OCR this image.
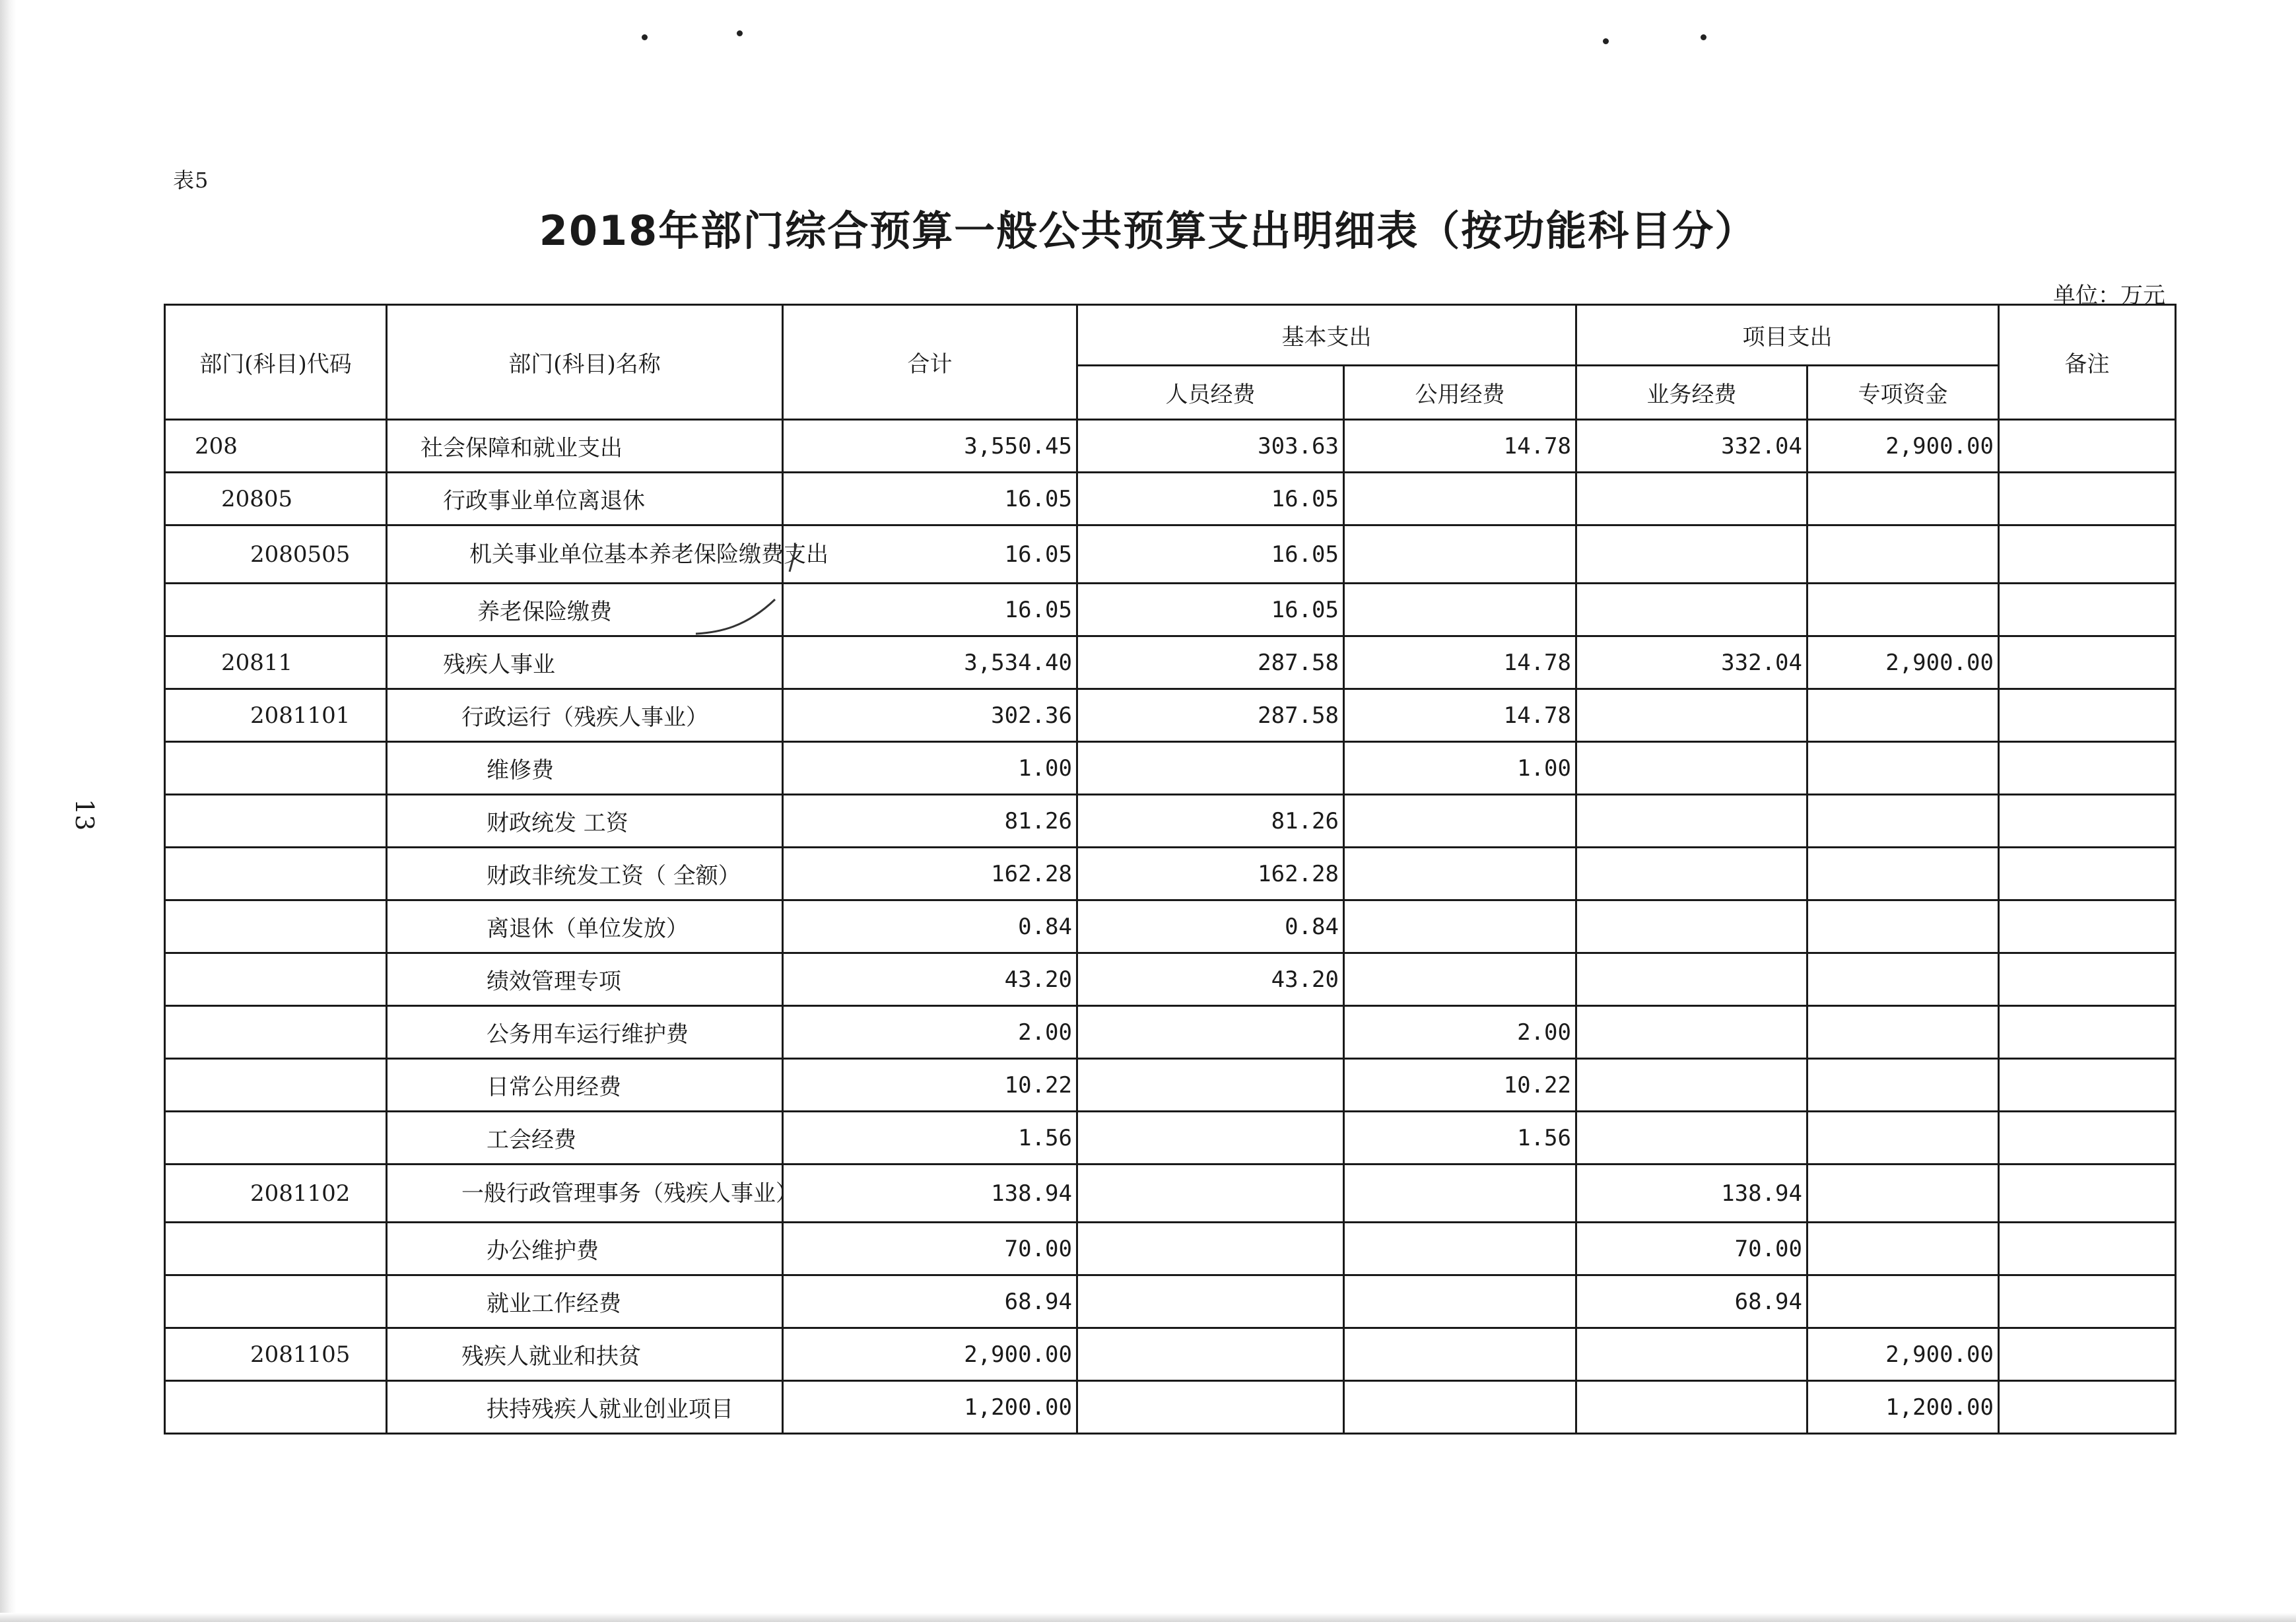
表5
2018年部门综合预算一般公共预算支出明细表（按功能科目分）
单位：万元
13
部门(科目)代码	部门(科目)名称	合计	基本支出		项目支出		备注
			人员经费	公用经费	业务经费	专项资金	
208	社会保障和就业支出	3,550.45	303.63	14.78	332.04	2,900.00	
20805	行政事业单位离退休	16.05	16.05				
2080505	机关事业单位基本养老保险缴费支出	16.05	16.05				
	养老保险缴费	16.05	16.05				
20811	残疾人事业	3,534.40	287.58	14.78	332.04	2,900.00	
2081101	行政运行（残疾人事业）	302.36	287.58	14.78			
	维修费	1.00		1.00			
	财政统发 工资	81.26	81.26				
	财政非统发工资（ 全额）	162.28	162.28				
	离退休（单位发放）	0.84	0.84				
	绩效管理专项	43.20	43.20				
	公务用车运行维护费	2.00		2.00			
	日常公用经费	10.22		10.22			
	工会经费	1.56		1.56			
2081102	一般行政管理事务（残疾人事业）	138.94			138.94		
	办公维护费	70.00			70.00		
	就业工作经费	68.94			68.94		
2081105	残疾人就业和扶贫	2,900.00				2,900.00	
	扶持残疾人就业创业项目	1,200.00				1,200.00	
